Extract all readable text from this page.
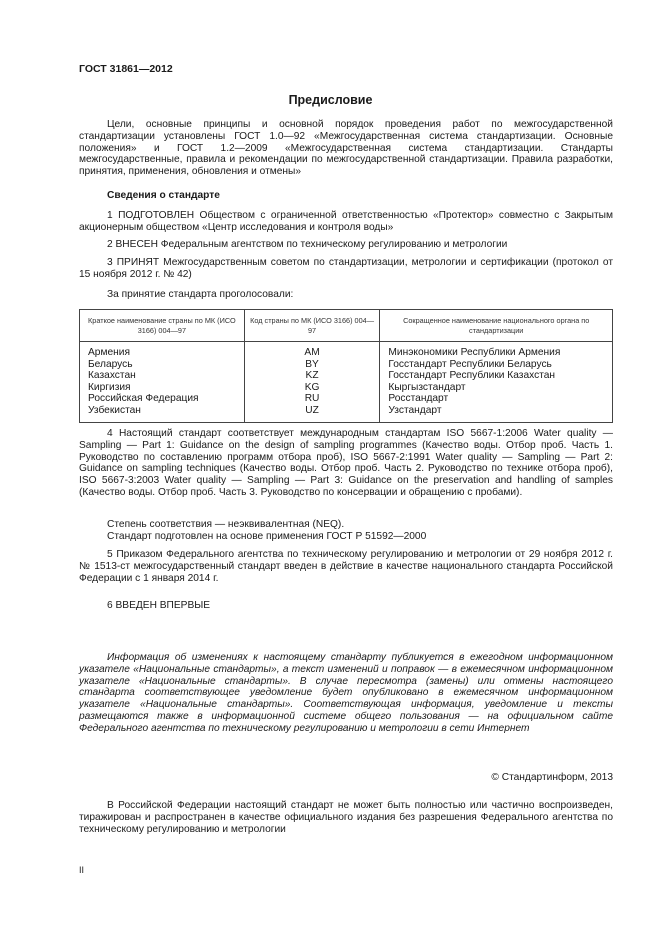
ГОСТ 31861—2012
Предисловие

Цели, основные принципы и основной порядок проведения работ по межгосударственной стандартизации установлены ГОСТ 1.0—92 «Межгосударственная система стандартизации. Основные положения» и ГОСТ 1.2—2009 «Межгосударственная система стандартизации. Стандарты межгосударственные, правила и рекомендации по межгосударственной стандартизации. Правила разработки, принятия, применения, обновления и отмены»

Сведения о стандарте

1 ПОДГОТОВЛЕН Обществом с ограниченной ответственностью «Протектор» совместно с Закрытым акционерным обществом «Центр исследования и контроля воды»

2 ВНЕСЕН Федеральным агентством по техническому регулированию и метрологии

3 ПРИНЯТ Межгосударственным советом по стандартизации, метрологии и сертификации (протокол от 15 ноября 2012 г. № 42)

За принятие стандарта проголосовали:

Краткое наименование страны по МК (ИСО 3166) 004—97	Код страны по МК (ИСО 3166) 004—97	Сокращенное наименование национального органа по стандартизации
Армения	AM	Минэкономики Республики Армения
Беларусь	BY	Госстандарт Республики Беларусь
Казахстан	KZ	Госстандарт Республики Казахстан
Киргизия	KG	Кыргызстандарт
Российская Федерация	RU	Росстандарт
Узбекистан	UZ	Узстандарт

4 Настоящий стандарт соответствует международным стандартам ISO 5667-1:2006 Water quality — Sampling — Part 1: Guidance on the design of sampling programmes (Качество воды. Отбор проб. Часть 1. Руководство по составлению программ отбора проб), ISO 5667-2:1991 Water quality — Sampling — Part 2: Guidance on sampling techniques (Качество воды. Отбор проб. Часть 2. Руководство по технике отбора проб), ISO 5667-3:2003 Water quality — Sampling — Part 3: Guidance on the preservation and handling of samples (Качество воды. Отбор проб. Часть 3. Руководство по консервации и обращению с пробами).

Степень соответствия — неэквивалентная (NEQ).

Стандарт подготовлен на основе применения ГОСТ Р 51592—2000

5 Приказом Федерального агентства по техническому регулированию и метрологии от 29 ноября 2012 г. № 1513-ст межгосударственный стандарт введен в действие в качестве национального стандарта Российской Федерации с 1 января 2014 г.

6 ВВЕДЕН ВПЕРВЫЕ

Информация об изменениях к настоящему стандарту публикуется в ежегодном информационном указателе «Национальные стандарты», а текст изменений и поправок — в ежемесячном информационном указателе «Национальные стандарты». В случае пересмотра (замены) или отмены настоящего стандарта соответствующее уведомление будет опубликовано в ежемесячном информационном указателе «Национальные стандарты». Соответствующая информация, уведомление и тексты размещаются также в информационной системе общего пользования — на официальном сайте Федерального агентства по техническому регулированию и метрологии в сети Интернет

© Стандартинформ, 2013

В Российской Федерации настоящий стандарт не может быть полностью или частично воспроизведен, тиражирован и распространен в качестве официального издания без разрешения Федерального агентства по техническому регулированию и метрологии

II
